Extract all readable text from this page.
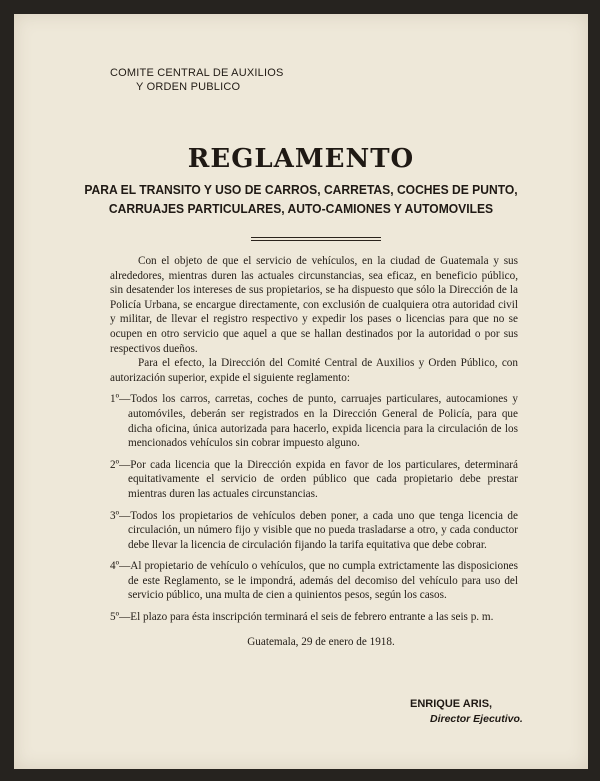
COMITE CENTRAL DE AUXILIOS
Y ORDEN PUBLICO
REGLAMENTO
PARA EL TRANSITO Y USO DE CARROS, CARRETAS, COCHES DE PUNTO,
CARRUAJES PARTICULARES, AUTO-CAMIONES Y AUTOMOVILES

Con el objeto de que el servicio de vehículos, en la ciudad de Guatemala y sus alrededores, mientras duren las actuales circunstancias, sea eficaz, en beneficio público, sin desatender los intereses de sus propietarios, se ha dispuesto que sólo la Dirección de la Policía Urbana, se encargue directamente, con exclusión de cualquiera otra autoridad civil y militar, de llevar el registro respectivo y expedir los pases o licencias para que no se ocupen en otro servicio que aquel a que se hallan destinados por la autoridad o por sus respectivos dueños.

Para el efecto, la Dirección del Comité Central de Auxilios y Orden Público, con autorización superior, expide el siguiente reglamento:

1º—Todos los carros, carretas, coches de punto, carruajes particulares, autocamiones y automóviles, deberán ser registrados en la Dirección General de Policía, para que dicha oficina, única autorizada para hacerlo, expida licencia para la circulación de los mencionados vehículos sin cobrar impuesto alguno.

2º—Por cada licencia que la Dirección expida en favor de los particulares, determinará equitativamente el servicio de orden público que cada propietario debe prestar mientras duren las actuales circunstancias.

3º—Todos los propietarios de vehículos deben poner, a cada uno que tenga licencia de circulación, un número fijo y visible que no pueda trasladarse a otro, y cada conductor debe llevar la licencia de circulación fijando la tarifa equitativa que debe cobrar.

4º—Al propietario de vehículo o vehículos, que no cumpla extrictamente las disposiciones de este Reglamento, se le impondrá, además del decomiso del vehículo para uso del servicio público, una multa de cien a quinientos pesos, según los casos.

5º—El plazo para ésta inscripción terminará el seis de febrero entrante a las seis p. m.

Guatemala, 29 de enero de 1918.

ENRIQUE ARIS,
Director Ejecutivo.
